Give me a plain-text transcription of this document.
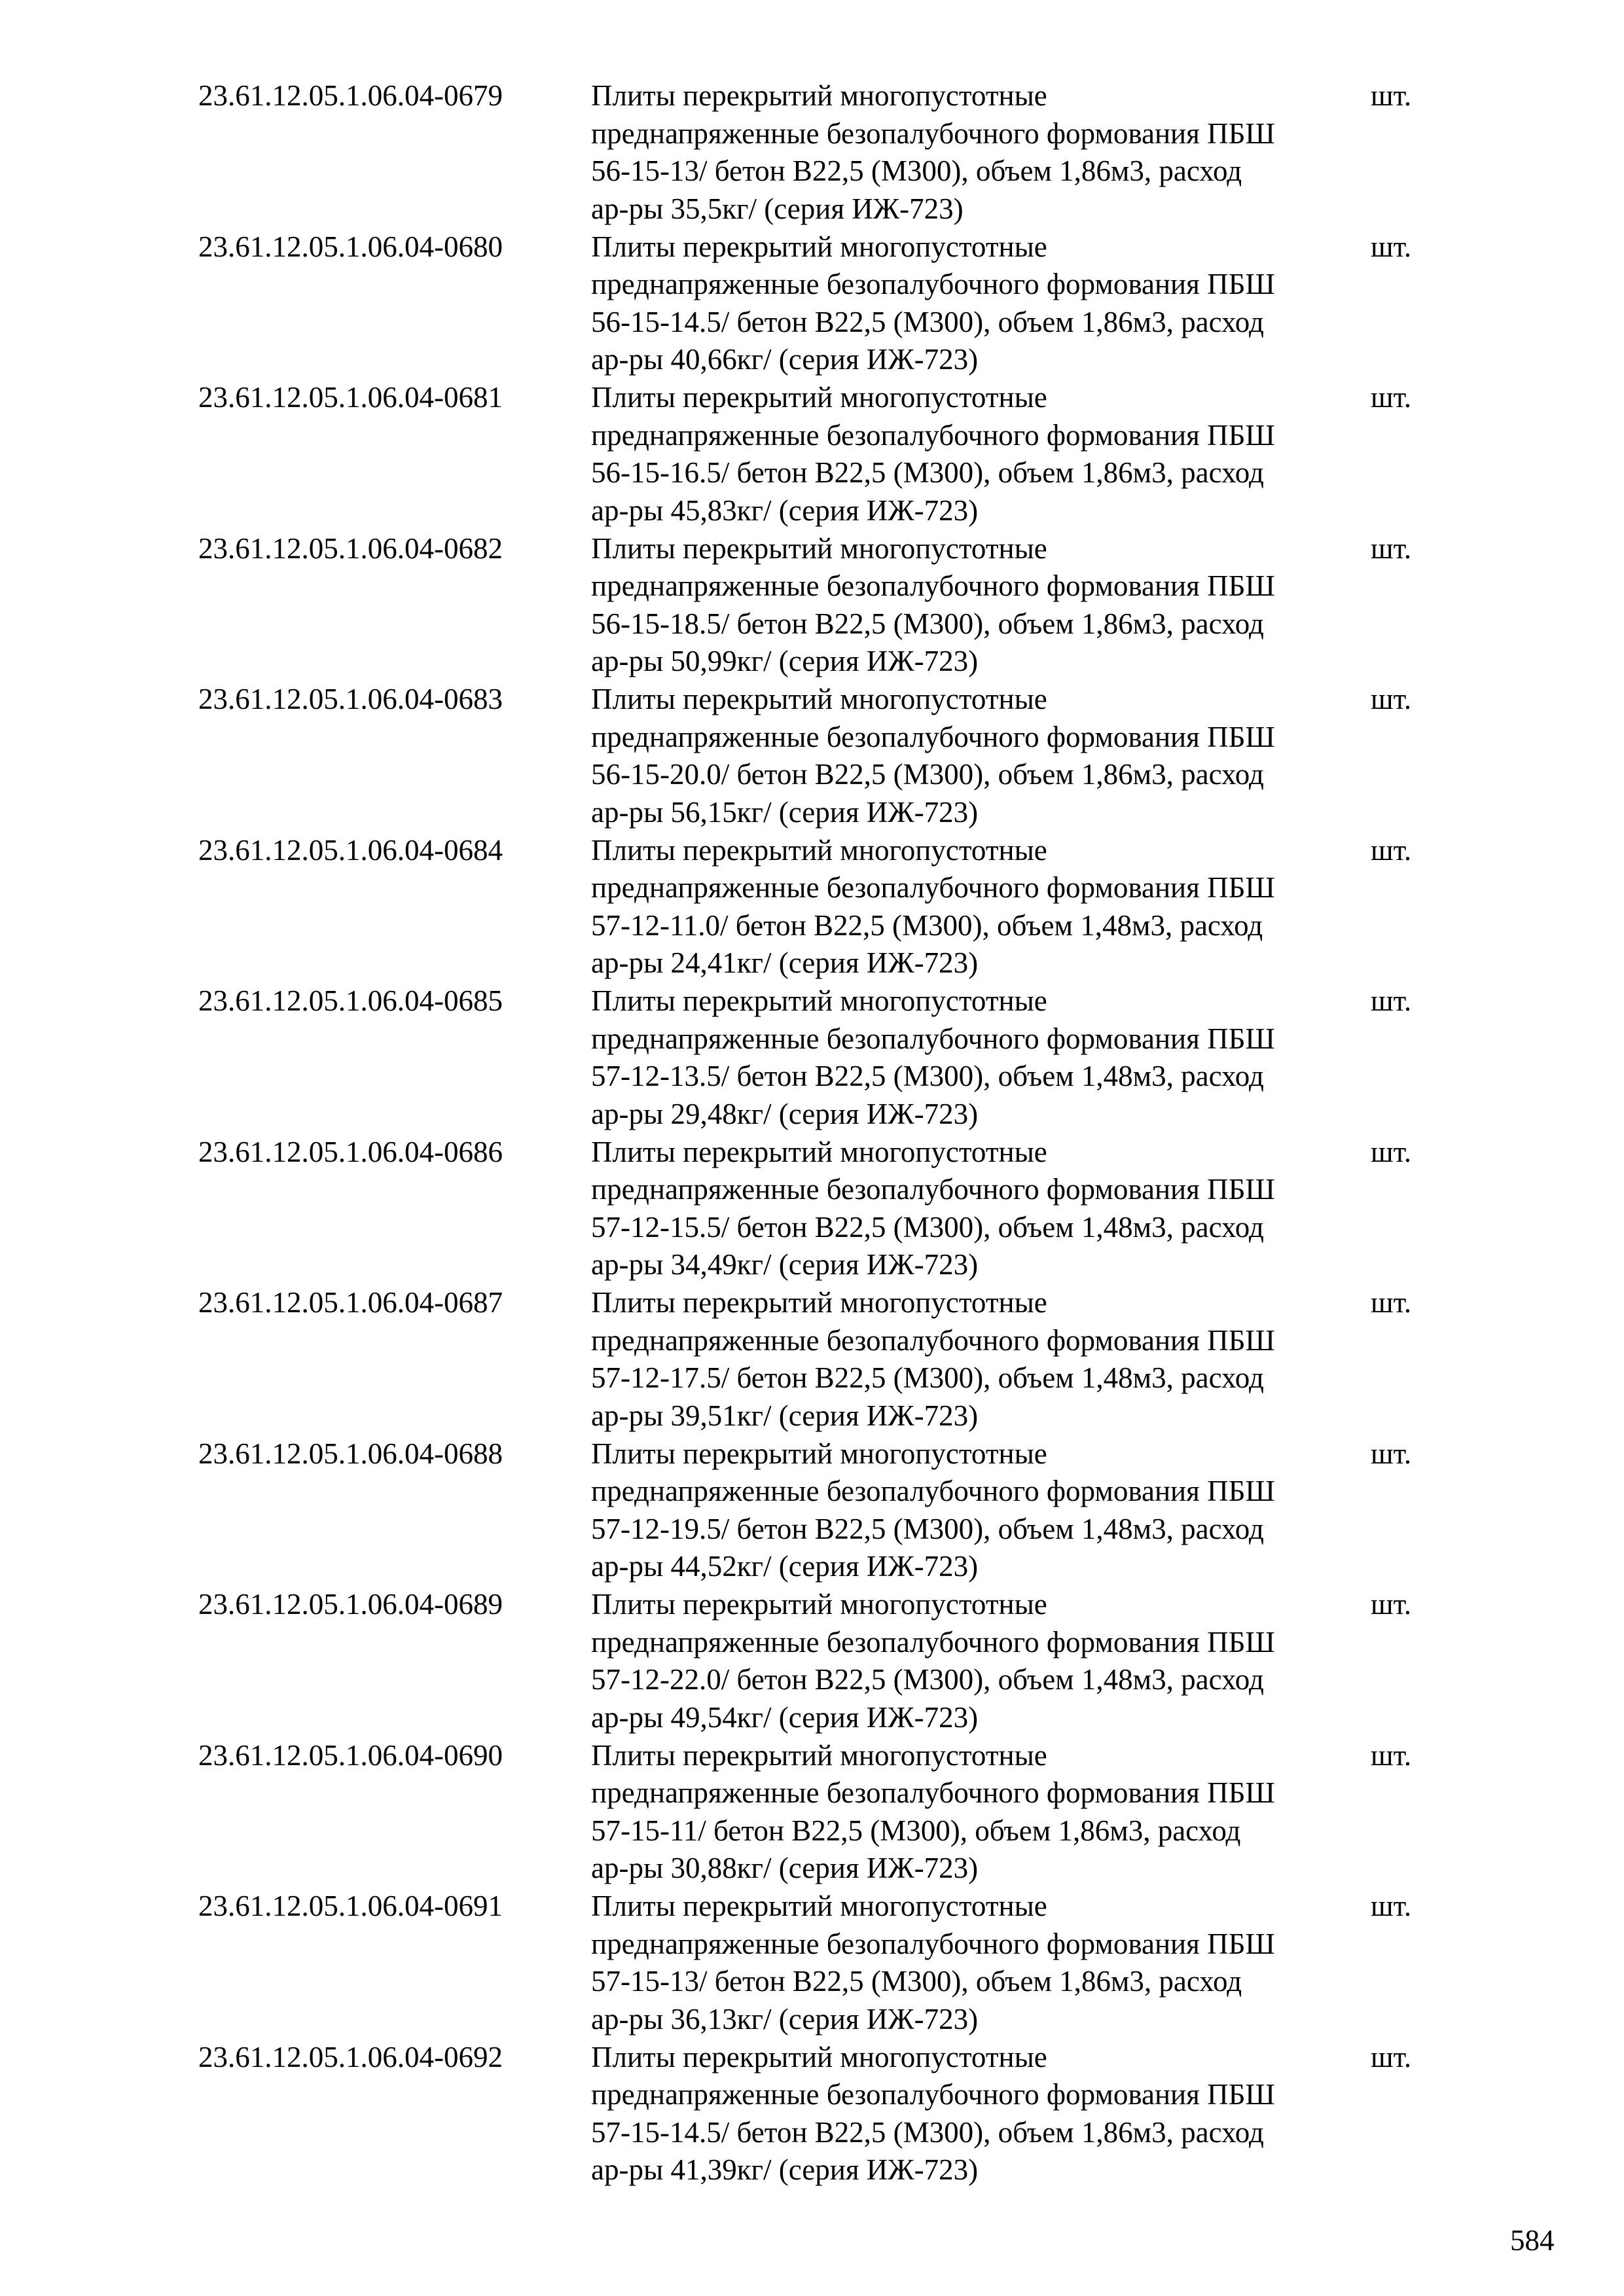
23.61.12.05.1.06.04-0679	Плиты перекрытий многопустотные
преднапряженные безопалубочного формования ПБШ
56-15-13/ бетон В22,5 (М300), объем 1,86м3, расход
ар-ры 35,5кг/ (серия ИЖ-723)
шт.
23.61.12.05.1.06.04-0680	Плиты перекрытий многопустотные
преднапряженные безопалубочного формования ПБШ
56-15-14.5/ бетон В22,5 (М300), объем 1,86м3, расход
ар-ры 40,66кг/ (серия ИЖ-723)
шт.
23.61.12.05.1.06.04-0681	Плиты перекрытий многопустотные
преднапряженные безопалубочного формования ПБШ
56-15-16.5/ бетон В22,5 (М300), объем 1,86м3, расход
ар-ры 45,83кг/ (серия ИЖ-723)
шт.
23.61.12.05.1.06.04-0682	Плиты перекрытий многопустотные
преднапряженные безопалубочного формования ПБШ
56-15-18.5/ бетон В22,5 (М300), объем 1,86м3, расход
ар-ры 50,99кг/ (серия ИЖ-723)
шт.
23.61.12.05.1.06.04-0683	Плиты перекрытий многопустотные
преднапряженные безопалубочного формования ПБШ
56-15-20.0/ бетон В22,5 (М300), объем 1,86м3, расход
ар-ры 56,15кг/ (серия ИЖ-723)
шт.
23.61.12.05.1.06.04-0684	Плиты перекрытий многопустотные
преднапряженные безопалубочного формования ПБШ
57-12-11.0/ бетон В22,5 (М300), объем 1,48м3, расход
ар-ры 24,41кг/ (серия ИЖ-723)
шт.
23.61.12.05.1.06.04-0685	Плиты перекрытий многопустотные
преднапряженные безопалубочного формования ПБШ
57-12-13.5/ бетон В22,5 (М300), объем 1,48м3, расход
ар-ры 29,48кг/ (серия ИЖ-723)
шт.
23.61.12.05.1.06.04-0686	Плиты перекрытий многопустотные
преднапряженные безопалубочного формования ПБШ
57-12-15.5/ бетон В22,5 (М300), объем 1,48м3, расход
ар-ры 34,49кг/ (серия ИЖ-723)
шт.
23.61.12.05.1.06.04-0687	Плиты перекрытий многопустотные
преднапряженные безопалубочного формования ПБШ
57-12-17.5/ бетон В22,5 (М300), объем 1,48м3, расход
ар-ры 39,51кг/ (серия ИЖ-723)
шт.
23.61.12.05.1.06.04-0688	Плиты перекрытий многопустотные
преднапряженные безопалубочного формования ПБШ
57-12-19.5/ бетон В22,5 (М300), объем 1,48м3, расход
ар-ры 44,52кг/ (серия ИЖ-723)
шт.
23.61.12.05.1.06.04-0689	Плиты перекрытий многопустотные
преднапряженные безопалубочного формования ПБШ
57-12-22.0/ бетон В22,5 (М300), объем 1,48м3, расход
ар-ры 49,54кг/ (серия ИЖ-723)
шт.
23.61.12.05.1.06.04-0690	Плиты перекрытий многопустотные
преднапряженные безопалубочного формования ПБШ
57-15-11/ бетон В22,5 (М300), объем 1,86м3, расход
ар-ры 30,88кг/ (серия ИЖ-723)
шт.
23.61.12.05.1.06.04-0691	Плиты перекрытий многопустотные
преднапряженные безопалубочного формования ПБШ
57-15-13/ бетон В22,5 (М300), объем 1,86м3, расход
ар-ры 36,13кг/ (серия ИЖ-723)
шт.
23.61.12.05.1.06.04-0692	Плиты перекрытий многопустотные
преднапряженные безопалубочного формования ПБШ
57-15-14.5/ бетон В22,5 (М300), объем 1,86м3, расход
ар-ры 41,39кг/ (серия ИЖ-723)
шт.
584
